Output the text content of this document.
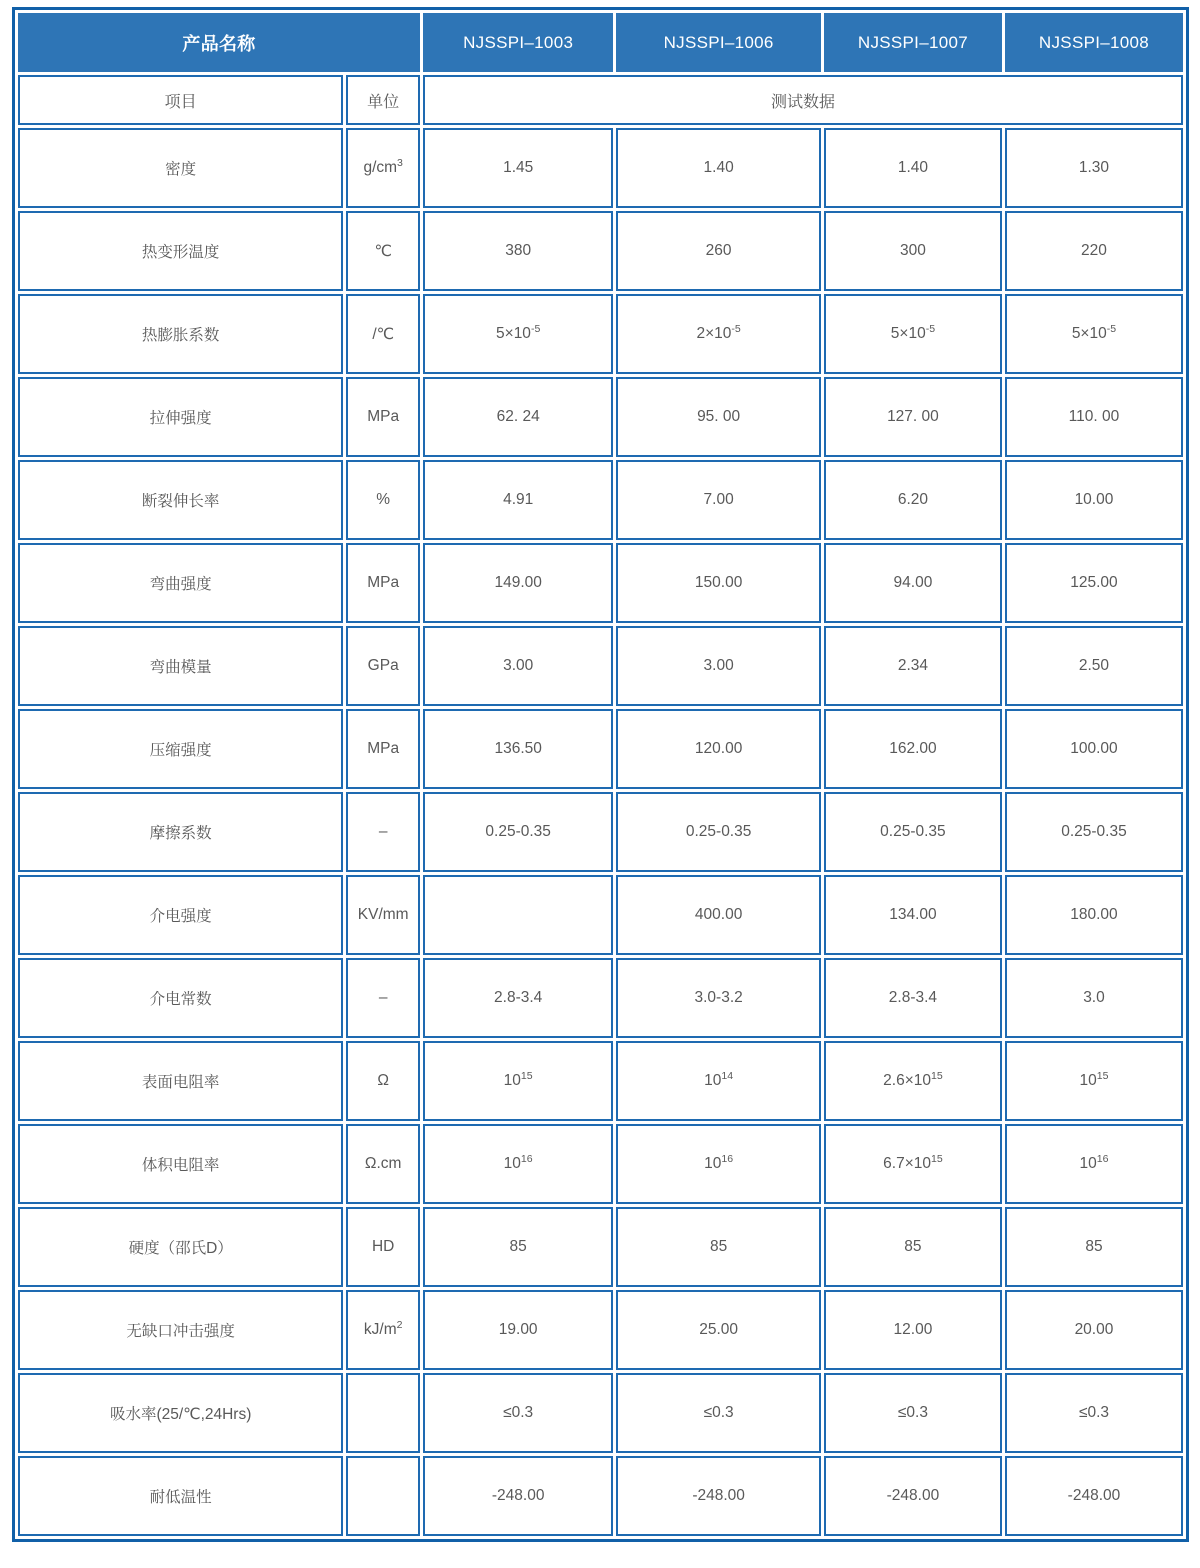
产品名称		NJSSPI–1003	NJSSPI–1006	NJSSPI–1007	NJSSPI–1008
项目	单位	测试数据			
密度	$g/cm^3$	1.45	1.40	1.40	1.30
热变形温度	℃	380	260	300	220
热膨胀系数	/℃	$5\times 10^{-5}$	$2\times 10^{-5}$	$5\times 10^{-5}$	$5\times 10^{-5}$
拉伸强度	MPa	62. 24	95. 00	127. 00	110. 00
断裂伸长率	%	4.91	7.00	6.20	10.00
弯曲强度	MPa	149.00	150.00	94.00	125.00
弯曲模量	GPa	3.00	3.00	2.34	2.50
压缩强度	MPa	136.50	120.00	162.00	100.00
摩擦系数	–	0.25-0.35	0.25-0.35	0.25-0.35	0.25-0.35
介电强度	KV/mm		400.00	134.00	180.00
介电常数	–	2.8-3.4	3.0-3.2	2.8-3.4	3.0
表面电阻率	Ω	$10^{15}$	$10^{14}$	$2.6\times 10^{15}$	$10^{15}$
体积电阻率	Ω.cm	$10^{16}$	$10^{16}$	$6.7\times 10^{15}$	$10^{16}$
硬度（邵氏D）	HD	85	85	85	85
无缺口冲击强度	$kJ/m^2$	19.00	25.00	12.00	20.00
吸水率(25/℃,24Hrs)		≤0.3	≤0.3	≤0.3	≤0.3
耐低温性		-248.00	-248.00	-248.00	-248.00
